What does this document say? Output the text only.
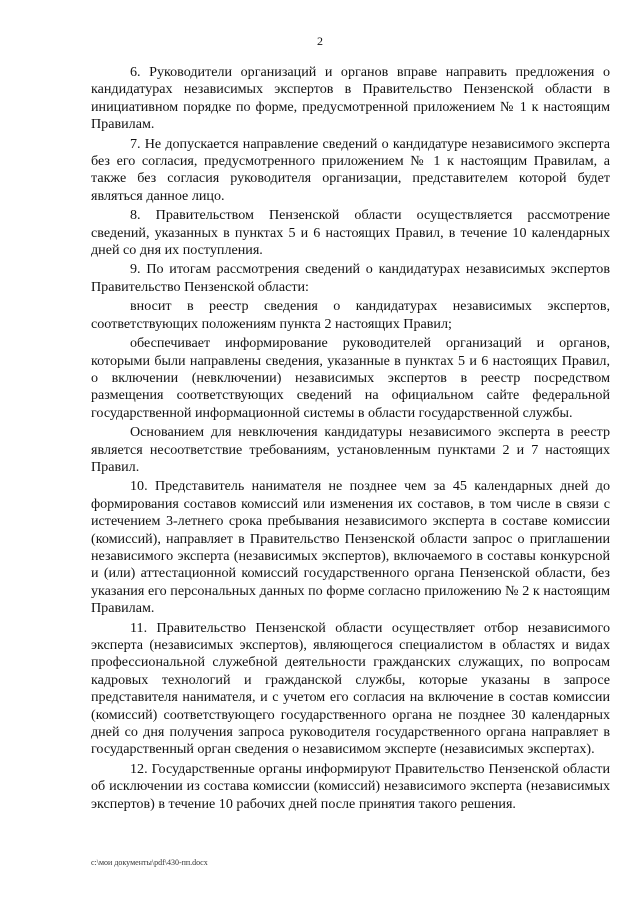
2

6. Руководители организаций и органов вправе направить предложения о кандидатурах независимых экспертов в Правительство Пензенской области в инициативном порядке по форме, предусмотренной приложением № 1 к настоящим Правилам.

7. Не допускается направление сведений о кандидатуре независимого эксперта без его согласия, предусмотренного приложением № 1 к настоящим Правилам, а также без согласия руководителя организации, представителем которой будет являться данное лицо.

8. Правительством Пензенской области осуществляется рассмотрение сведений, указанных в пунктах 5 и 6 настоящих Правил, в течение 10 календарных дней со дня их поступления.

9. По итогам рассмотрения сведений о кандидатурах независимых экспертов Правительство Пензенской области:

вносит в реестр сведения о кандидатурах независимых экспертов, соответствующих положениям пункта 2 настоящих Правил;

обеспечивает информирование руководителей организаций и органов, которыми были направлены сведения, указанные в пунктах 5 и 6 настоящих Правил, о включении (невключении) независимых экспертов в реестр посредством размещения соответствующих сведений на официальном сайте федеральной государственной информационной системы в области государственной службы.

Основанием для невключения кандидатуры независимого эксперта в реестр является несоответствие требованиям, установленным пунктами 2 и 7 настоящих Правил.

10. Представитель нанимателя не позднее чем за 45 календарных дней до формирования составов комиссий или изменения их составов, в том числе в связи с истечением 3-летнего срока пребывания независимого эксперта в составе комиссии (комиссий), направляет в Правительство Пензенской области запрос о приглашении независимого эксперта (независимых экспертов), включаемого в составы конкурсной и (или) аттестационной комиссий государственного органа Пензенской области, без указания его персональных данных по форме согласно приложению № 2 к настоящим Правилам.

11. Правительство Пензенской области осуществляет отбор независимого эксперта (независимых экспертов), являющегося специалистом в областях и видах профессиональной служебной деятельности гражданских служащих, по вопросам кадровых технологий и гражданской службы, которые указаны в запросе представителя нанимателя, и с учетом его согласия на включение в состав комиссии (комиссий) соответствующего государственного органа не позднее 30 календарных дней со дня получения запроса руководителя государственного органа направляет в государственный орган сведения о независимом эксперте (независимых экспертах).

12. Государственные органы информируют Правительство Пензенской области об исключении из состава комиссии (комиссий) независимого эксперта (независимых экспертов) в течение 10 рабочих дней после принятия такого решения.

c:\мои документы\pdf\430-пп.docx
